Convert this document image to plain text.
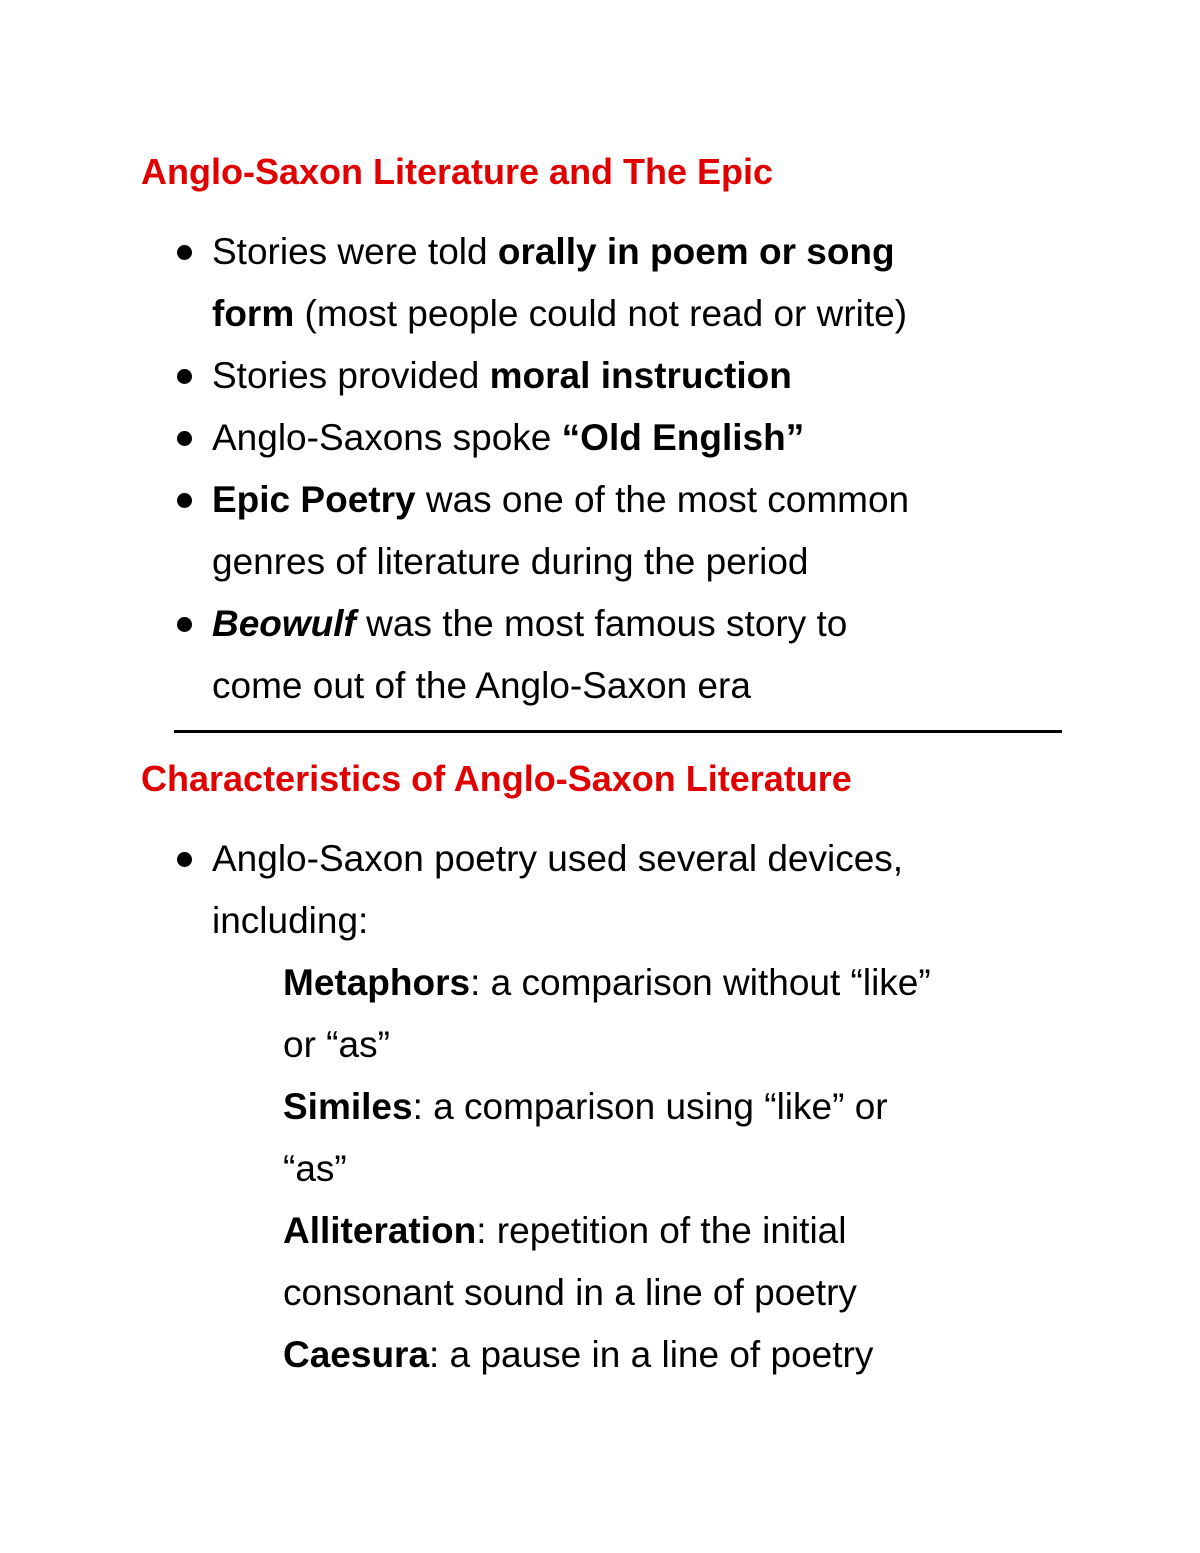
Anglo-Saxon Literature and The Epic
Stories were told orally in poem or song
form (most people could not read or write)
Stories provided moral instruction
Anglo-Saxons spoke “Old English”
Epic Poetry was one of the most common
genres of literature during the period
Beowulf was the most famous story to
come out of the Anglo-Saxon era
Characteristics of Anglo-Saxon Literature
Anglo-Saxon poetry used several devices,
including:

Metaphors: a comparison without “like”
or “as”

Similes: a comparison using “like” or
“as”

Alliteration: repetition of the initial
consonant sound in a line of poetry

Caesura: a pause in a line of poetry
